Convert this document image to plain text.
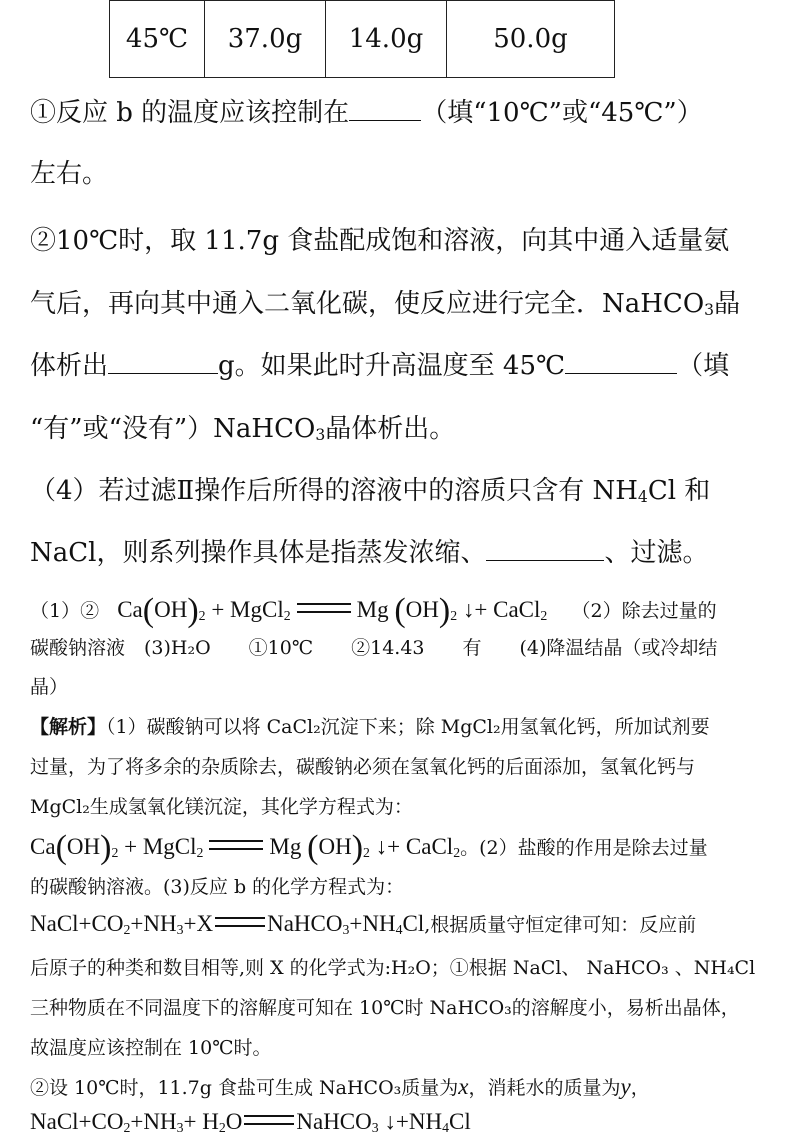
45℃	37.0g	14.0g	50.0g
①反应 b 的温度应该控制在	（填“10℃”或“45℃”）
左右。
②10℃时，取 11.7g 食盐配成饱和溶液，向其中通入适量氨
气后，再向其中通入二氧化碳，使反应进行完全．NaHCO$_3$晶
体析出	g。如果此时升高温度至 45℃	（填
“有”或“没有”）NaHCO$_3$晶体析出。
（4）若过滤Ⅱ操作后所得的溶液中的溶质只含有 $NH_4Cl$ 和
NaCl，则系列操作具体是指蒸发浓缩、	、过滤。
（1）② $Ca(OH)_2$ + MgCl$_2$	Mg $(OH)_2$ ↓+ CaCl$_2$ （2）除去过量的
碳酸钠溶液　(3)H₂O　　①10℃　　②14.43　　有　　(4)降温结晶（或冷却结
晶）
【解析】（1）碳酸钠可以将 CaCl₂沉淀下来；除 MgCl₂用氢氧化钙，所加试剂要
过量，为了将多余的杂质除去，碳酸钠必须在氢氧化钙的后面添加，氢氧化钙与
MgCl₂生成氢氧化镁沉淀，其化学方程式为：
$Ca(OH)_2$ + MgCl$_2$	Mg $(OH)_2$ ↓+ CaCl$_2$。(2）盐酸的作用是除去过量
的碳酸钠溶液。(3)反应 b 的化学方程式为：
$NaCl+CO_2+NH_3+X$ $NaHCO_3+NH_4Cl$,根据质量守恒定律可知：反应前
后原子的种类和数目相等,则 X 的化学式为:H₂O；①根据 NaCl、 NaHCO₃ 、NH₄Cl
三种物质在不同温度下的溶解度可知在 10℃时 NaHCO₃的溶解度小，易析出晶体，
故温度应该控制在 10℃时。
②设 10℃时，11.7g 食盐可生成 NaHCO₃质量为x，消耗水的质量为y，
$NaCl+CO_2+NH_3+ H_2O$ NaHCO$_3$ $↓+NH_4Cl$
